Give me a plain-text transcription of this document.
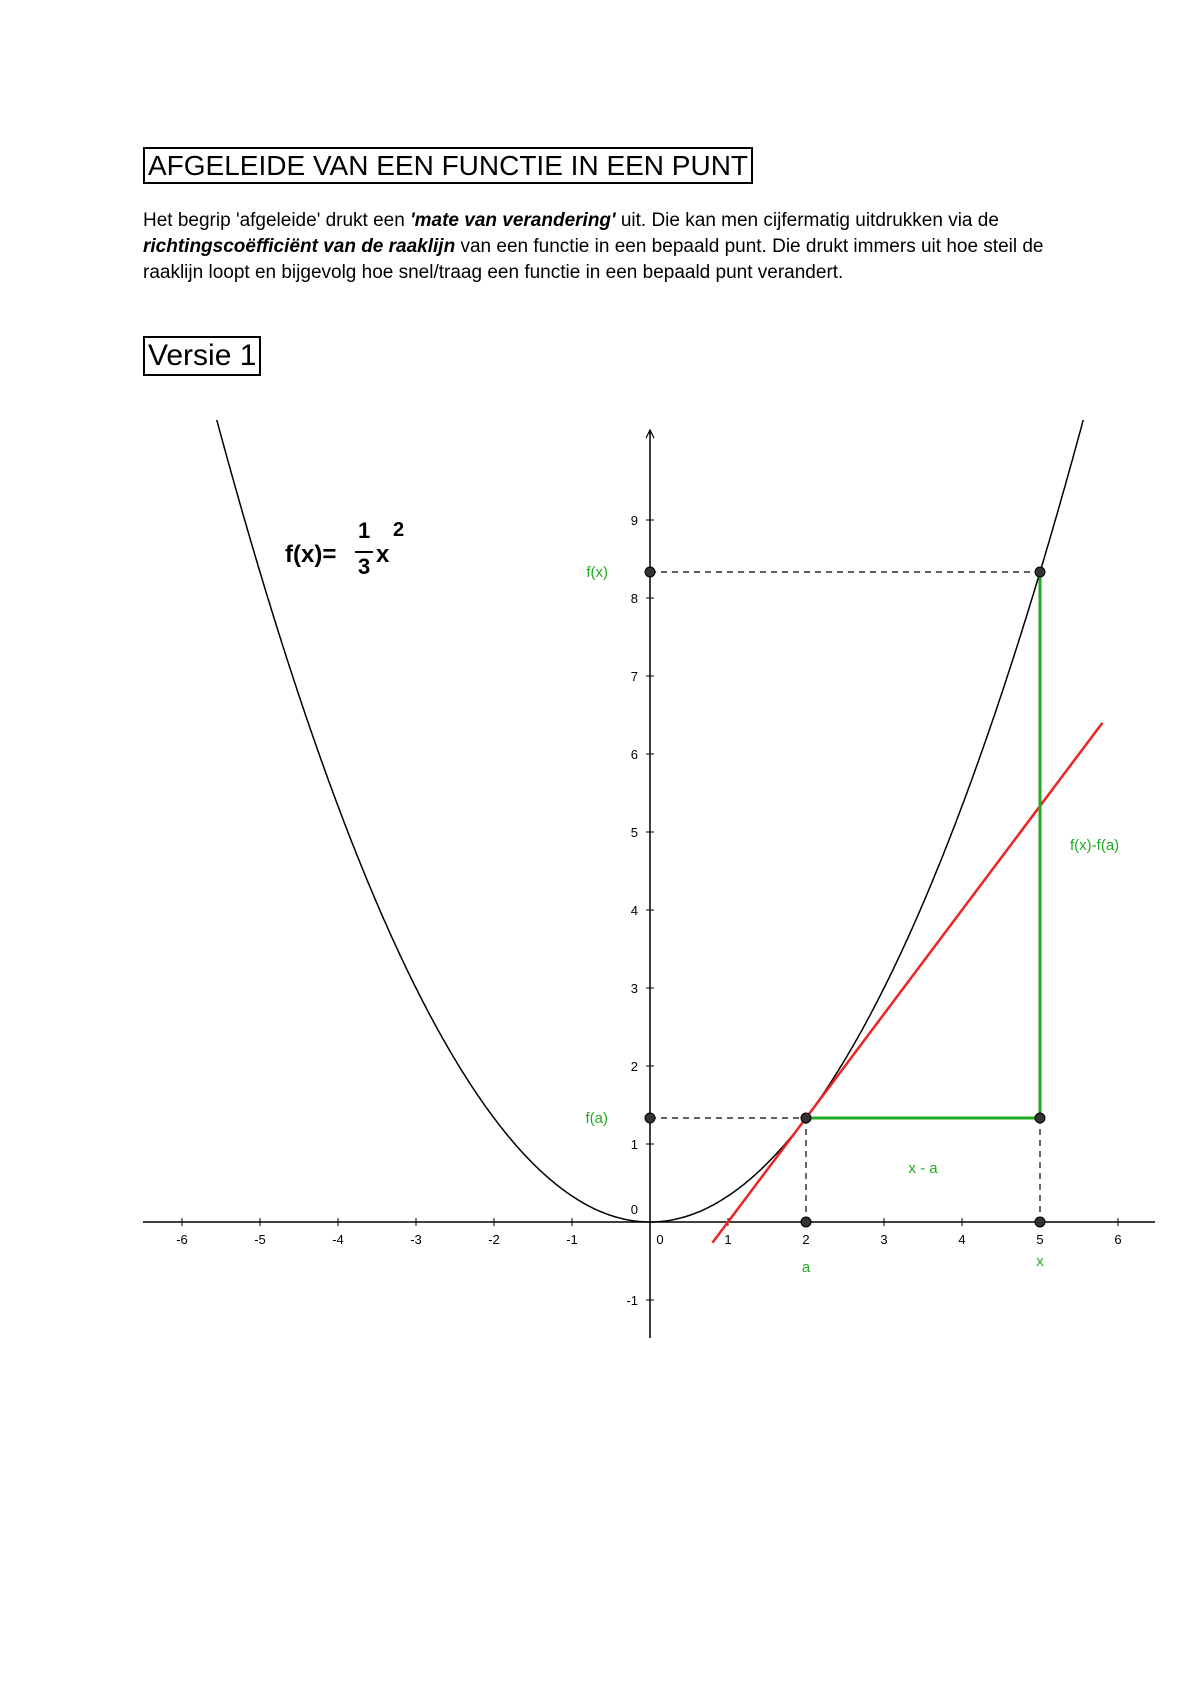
AFGELEIDE VAN EEN FUNCTIE IN EEN PUNT
Het begrip 'afgeleide' drukt een 'mate van verandering' uit. Die kan men cijfermatig uitdrukken via de richtingscoëfficiënt van de raaklijn van een functie in een bepaald punt. Die drukt immers uit hoe steil de raaklijn loopt en bijgevolg hoe snel/traag een functie in een bepaald punt verandert.
Versie 1
-6	-5	-4	-3	-2	-1	0	1	2	3	4	5	6
-1
0
1
2
3
4
5
6
7
8
9
f(x)=
1
3 x
2
f(x)
f(a)
f(x)-f(a)
x - a
a	x
